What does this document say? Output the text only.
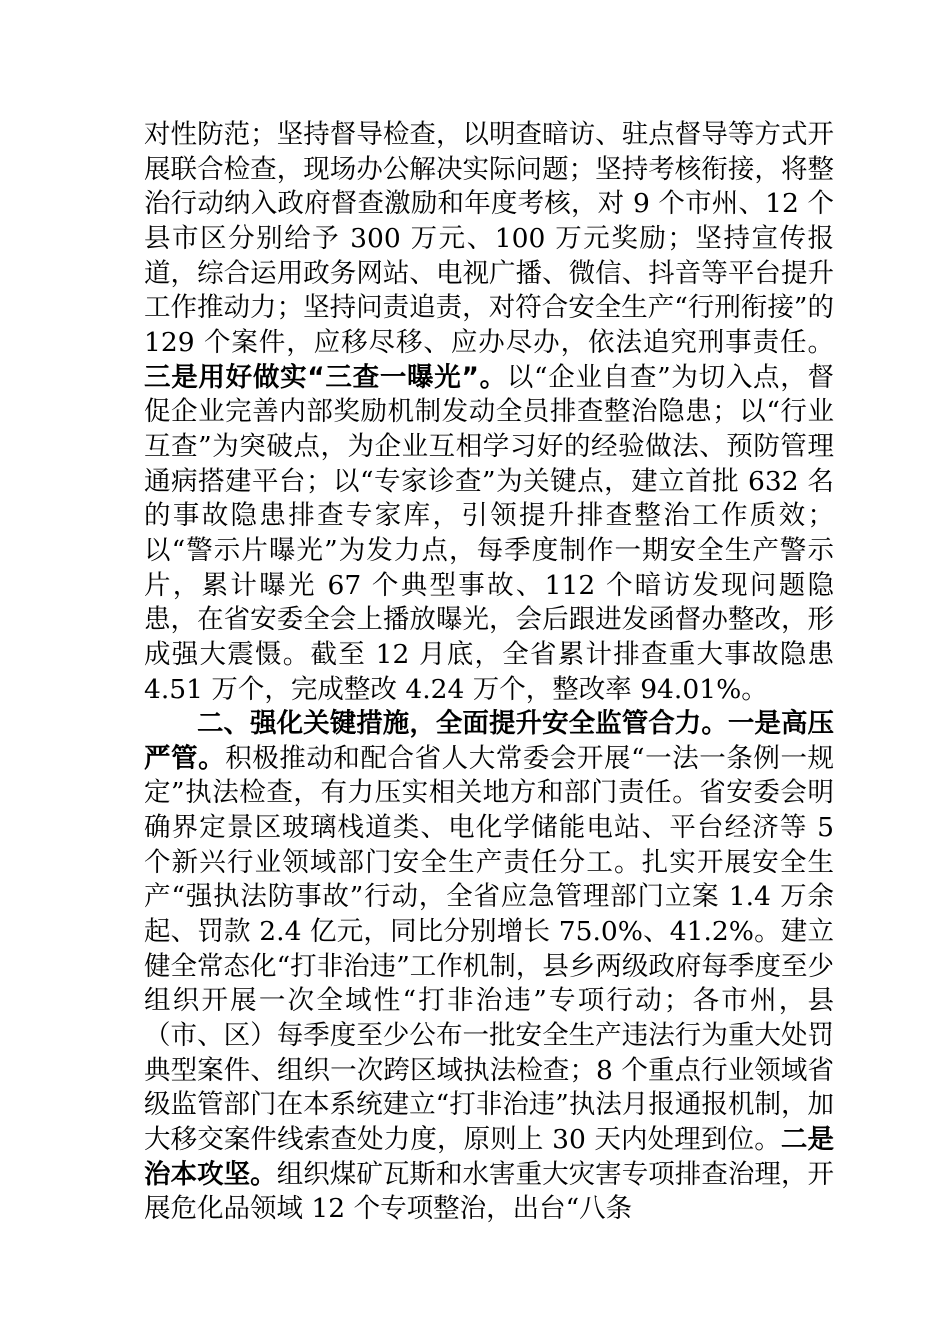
对性防范；坚持督导检查，以明查暗访、驻点督导等方式开展联合检查，现场办公解决实际问题；坚持考核衔接，将整治行动纳入政府督查激励和年度考核，对 9 个市州、12 个县市区分别给予 300 万元、100 万元奖励；坚持宣传报道，综合运用政务网站、电视广播、微信、抖音等平台提升工作推动力；坚持问责追责，对符合安全生产“行刑衔接”的 129 个案件，应移尽移、应办尽办，依法追究刑事责任。三是用好做实“三查一曝光”。以“企业自查”为切入点，督促企业完善内部奖励机制发动全员排查整治隐患；以“行业互查”为突破点，为企业互相学习好的经验做法、预防管理通病搭建平台；以“专家诊查”为关键点，建立首批 632 名的事故隐患排查专家库，引领提升排查整治工作质效；以“警示片曝光”为发力点，每季度制作一期安全生产警示片，累计曝光 67 个典型事故、112 个暗访发现问题隐患，在省安委全会上播放曝光，会后跟进发函督办整改，形成强大震慑。截至 12 月底，全省累计排查重大事故隐患 4.51 万个，完成整改 4.24 万个，整改率 94.01%。

二、强化关键措施，全面提升安全监管合力。一是高压严管。积极推动和配合省人大常委会开展“一法一条例一规定”执法检查，有力压实相关地方和部门责任。省安委会明确界定景区玻璃栈道类、电化学储能电站、平台经济等 5 个新兴行业领域部门安全生产责任分工。扎实开展安全生产“强执法防事故”行动，全省应急管理部门立案 1.4 万余起、罚款 2.4 亿元，同比分别增长 75.0%、41.2%。建立健全常态化“打非治违”工作机制，县乡两级政府每季度至少组织开展一次全域性“打非治违”专项行动；各市州，县（市、区）每季度至少公布一批安全生产违法行为重大处罚典型案件、组织一次跨区域执法检查；8 个重点行业领域省级监管部门在本系统建立“打非治违”执法月报通报机制，加大移交案件线索查处力度，原则上 30 天内处理到位。二是治本攻坚。组织煤矿瓦斯和水害重大灾害专项排查治理，开展危化品领域 12 个专项整治，出台“八条
